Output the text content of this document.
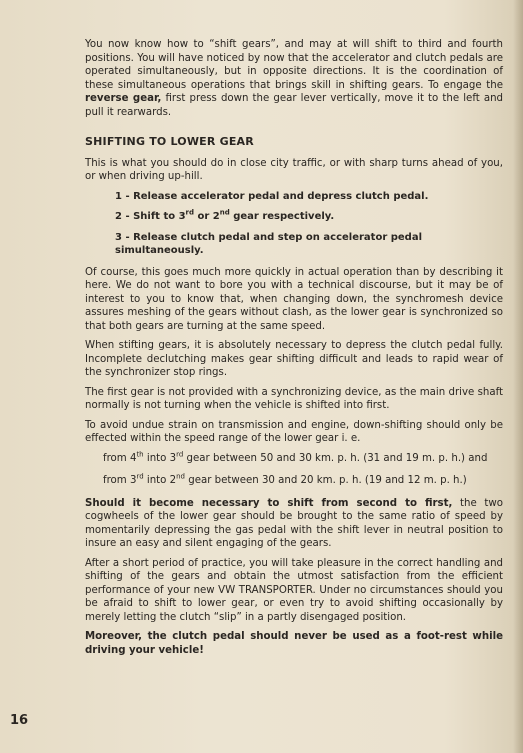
You now know how to “shift gears”, and may at will shift to third and fourth positions. You will have noticed by now that the accelerator and clutch pedals are operated simultaneously, but in opposite directions. It is the coordination of these simultaneous operations that brings skill in shifting gears. To engage the reverse gear, first press down the gear lever vertically, move it to the left and pull it rearwards.

SHIFTING TO LOWER GEAR

This is what you should do in close city traffic, or with sharp turns ahead of you, or when driving up-hill.

1 - Release accelerator pedal and depress clutch pedal.
2 - Shift to 3rd or 2nd gear respectively.
3 - Release clutch pedal and step on accelerator pedal simultaneously.

Of course, this goes much more quickly in actual operation than by describing it here. We do not want to bore you with a technical discourse, but it may be of interest to you to know that, when changing down, the synchromesh device assures meshing of the gears without clash, as the lower gear is synchronized so that both gears are turning at the same speed.

When stifting gears, it is absolutely necessary to depress the clutch pedal fully. Incomplete declutching makes gear shifting difficult and leads to rapid wear of the synchronizer stop rings.

The first gear is not provided with a synchronizing device, as the main drive shaft normally is not turning when the vehicle is shifted into first.

To avoid undue strain on transmission and engine, down-shifting should only be effected within the speed range of the lower gear i. e.

from 4th into 3rd gear between 50 and 30 km. p. h. (31 and 19 m. p. h.) and
from 3rd into 2nd gear between 30 and 20 km. p. h. (19 and 12 m. p. h.)

Should it become necessary to shift from second to first, the two cogwheels of the lower gear should be brought to the same ratio of speed by momentarily depressing the gas pedal with the shift lever in neutral position to insure an easy and silent engaging of the gears.

After a short period of practice, you will take pleasure in the correct handling and shifting of the gears and obtain the utmost satisfaction from the efficient performance of your new VW TRANSPORTER. Under no circumstances should you be afraid to shift to lower gear, or even try to avoid shifting occasionally by merely letting the clutch “slip” in a partly disengaged position.

Moreover, the clutch pedal should never be used as a foot-rest while driving your vehicle!

16
